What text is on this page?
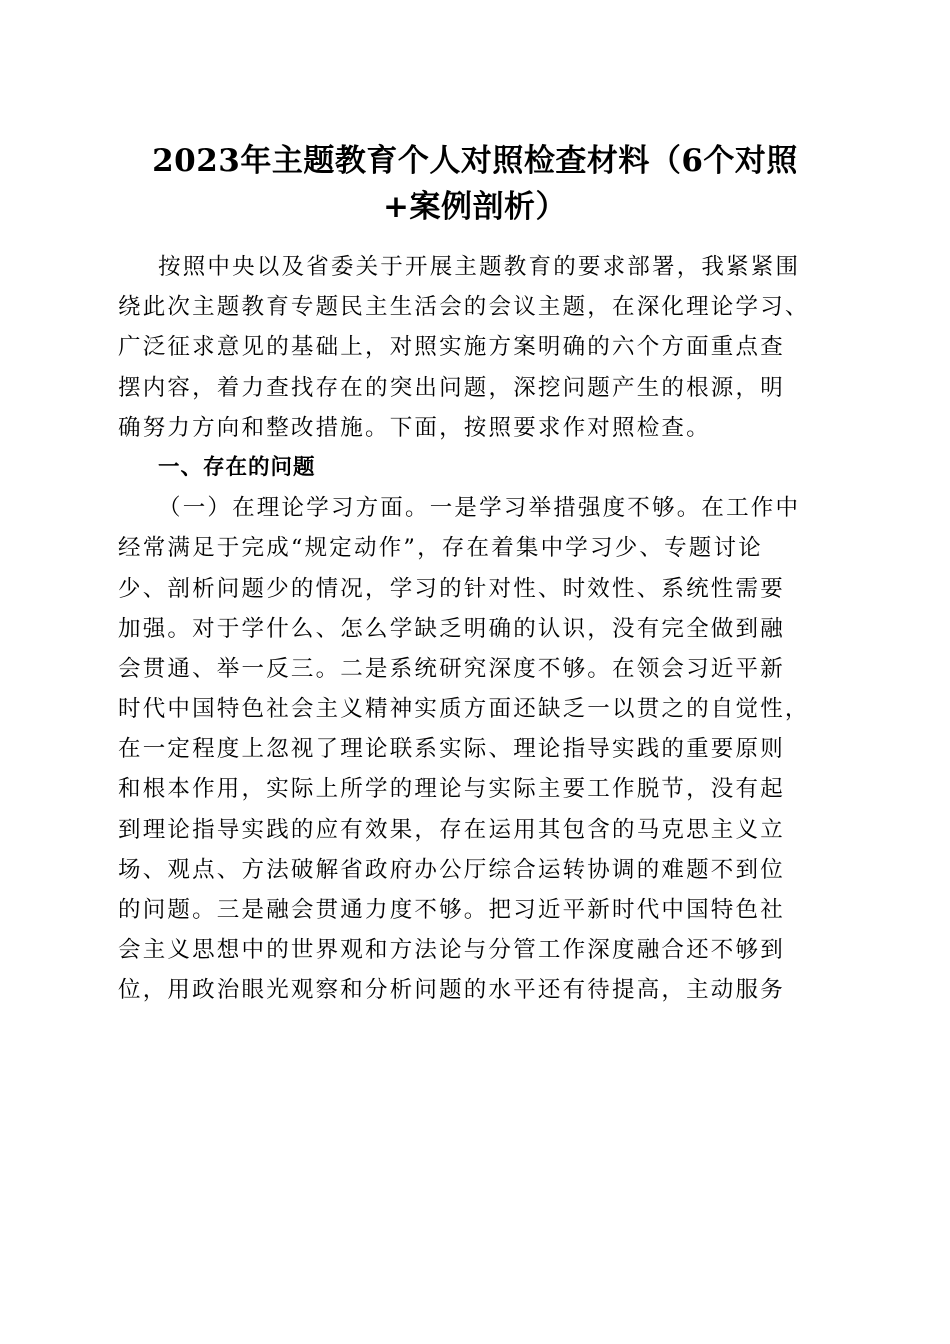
2023年主题教育个人对照检查材料（6个对照
+案例剖析）
按照中央以及省委关于开展主题教育的要求部署，我紧紧围
绕此次主题教育专题民主生活会的会议主题，在深化理论学习、
广泛征求意见的基础上，对照实施方案明确的六个方面重点查
摆内容，着力查找存在的突出问题，深挖问题产生的根源，明
确努力方向和整改措施。下面，按照要求作对照检查。
一、存在的问题
（一）在理论学习方面。一是学习举措强度不够。在工作中
经常满足于完成“规定动作”，存在着集中学习少、专题讨论
少、剖析问题少的情况，学习的针对性、时效性、系统性需要
加强。对于学什么、怎么学缺乏明确的认识，没有完全做到融
会贯通、举一反三。二是系统研究深度不够。在领会习近平新
时代中国特色社会主义精神实质方面还缺乏一以贯之的自觉性，
在一定程度上忽视了理论联系实际、理论指导实践的重要原则
和根本作用，实际上所学的理论与实际主要工作脱节，没有起
到理论指导实践的应有效果，存在运用其包含的马克思主义立
场、观点、方法破解省政府办公厅综合运转协调的难题不到位
的问题。三是融会贯通力度不够。把习近平新时代中国特色社
会主义思想中的世界观和方法论与分管工作深度融合还不够到
位，用政治眼光观察和分析问题的水平还有待提高，主动服务
